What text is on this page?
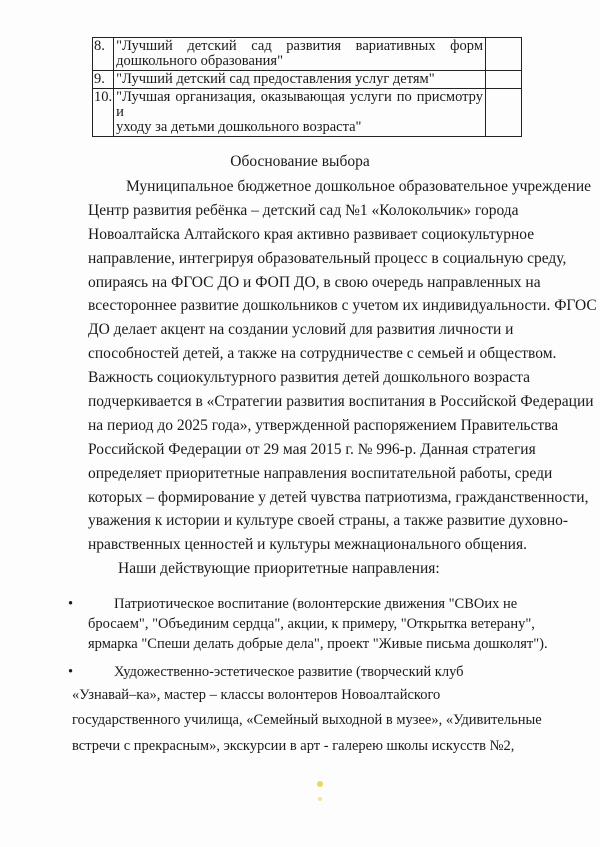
8.	"Лучший детский сад развития вариативных форм
дошкольного образования"	

9.	"Лучший детский сад предоставления услуг детям"	

10.	"Лучшая организация, оказывающая услуги по присмотру и
уходу за детьми дошкольного возраста"	

Обоснование выбора
Муниципальное бюджетное дошкольное образовательное учреждение
Центр развития ребёнка – детский сад №1 «Колокольчик» города
Новоалтайска Алтайского края активно развивает социокультурное
направление, интегрируя образовательный процесс в социальную среду,
опираясь на ФГОС ДО и ФОП ДО, в свою очередь направленных на
всестороннее развитие дошкольников с учетом их индивидуальности. ФГОС
ДО делает акцент на создании условий для развития личности и
способностей детей, а также на сотрудничестве с семьей и обществом.
Важность социокультурного развития детей дошкольного возраста
подчеркивается в «Стратегии развития воспитания в Российской Федерации
на период до 2025 года», утвержденной распоряжением Правительства
Российской Федерации от 29 мая 2015 г. № 996-р. Данная стратегия
определяет приоритетные направления воспитательной работы, среди
которых – формирование у детей чувства патриотизма, гражданственности,
уважения к истории и культуре своей страны, а также развитие духовно-
нравственных ценностей и культуры межнационального общения.
Наши действующие приоритетные направления:
•	Патриотическое воспитание (волонтерские движения "СВОих не
бросаем", "Объединим сердца", акции, к примеру, "Открытка ветерану",
ярмарка "Спеши делать добрые дела", проект "Живые письма дошколят").
•	Художественно-эстетическое развитие (творческий клуб
«Узнавай–ка», мастер – классы волонтеров Новоалтайского
государственного училища, «Семейный выходной в музее», «Удивительные
встречи с прекрасным», экскурсии в арт - галерею школы искусств №2,
